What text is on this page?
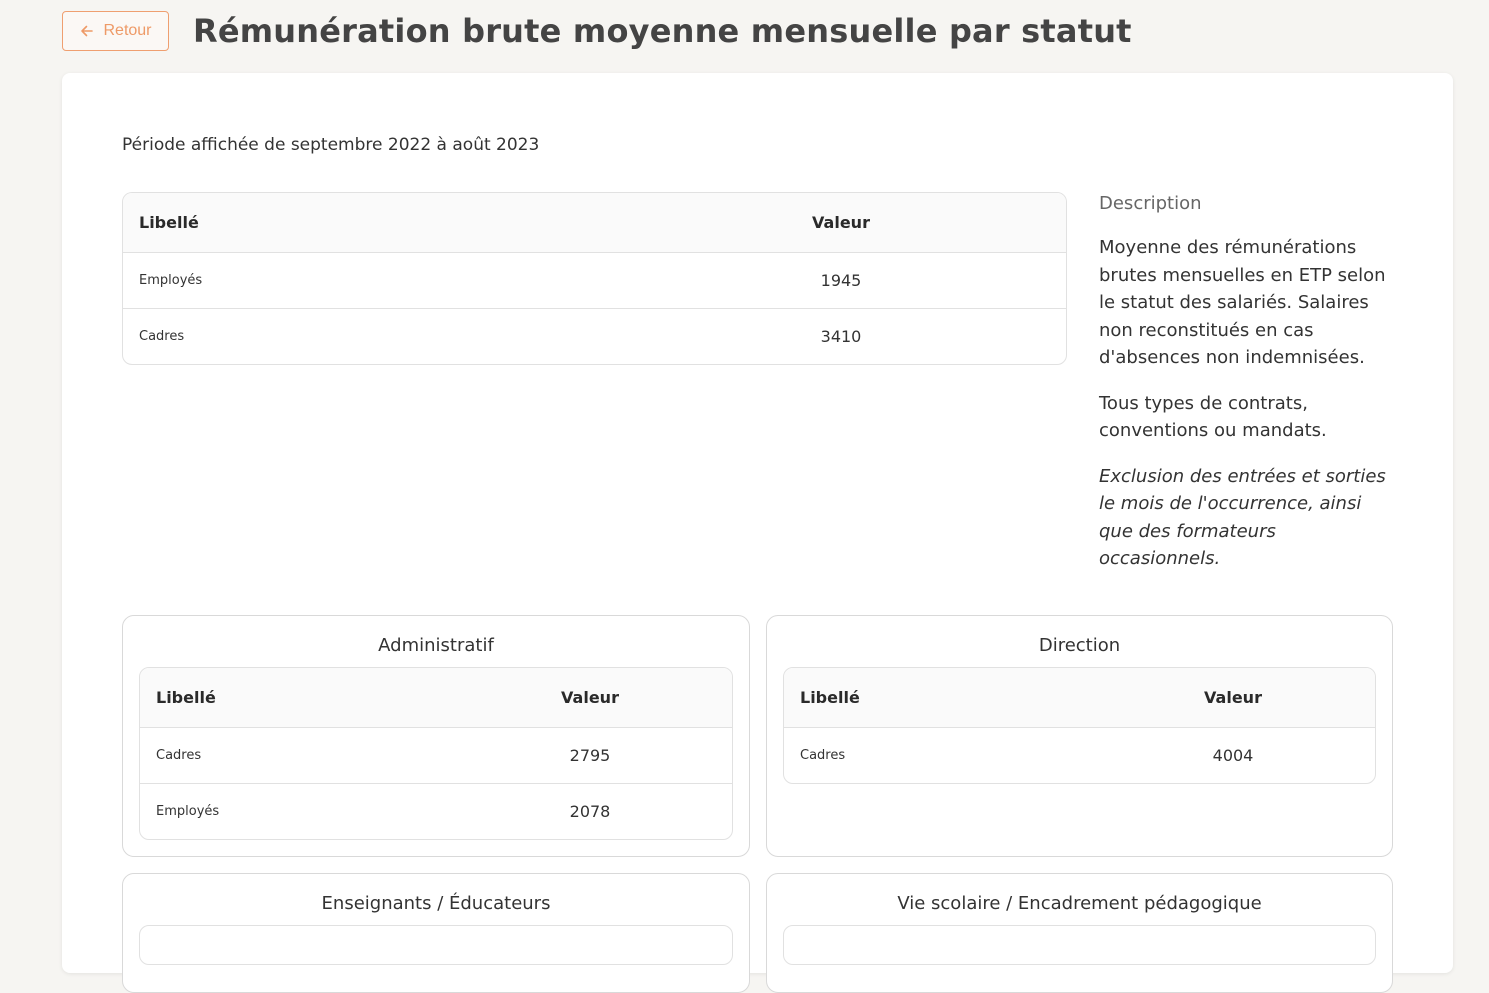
Retour Rémunération brute moyenne mensuelle par statut
Période affichée de septembre 2022 à août 2023
Libellé	Valeur
Employés	1945
Cadres	3410
Description

Moyenne des rémunérations brutes mensuelles en ETP selon le statut des salariés. Salaires non reconstitués en cas d'absences non indemnisées.

Tous types de contrats, conventions ou mandats.

Exclusion des entrées et sorties le mois de l'occurrence, ainsi que des formateurs occasionnels.

Administratif
Libellé	Valeur
Cadres	2795
Employés	2078
Direction
Libellé	Valeur
Cadres	4004
Enseignants / Éducateurs	Vie scolaire / Encadrement pédagogique
